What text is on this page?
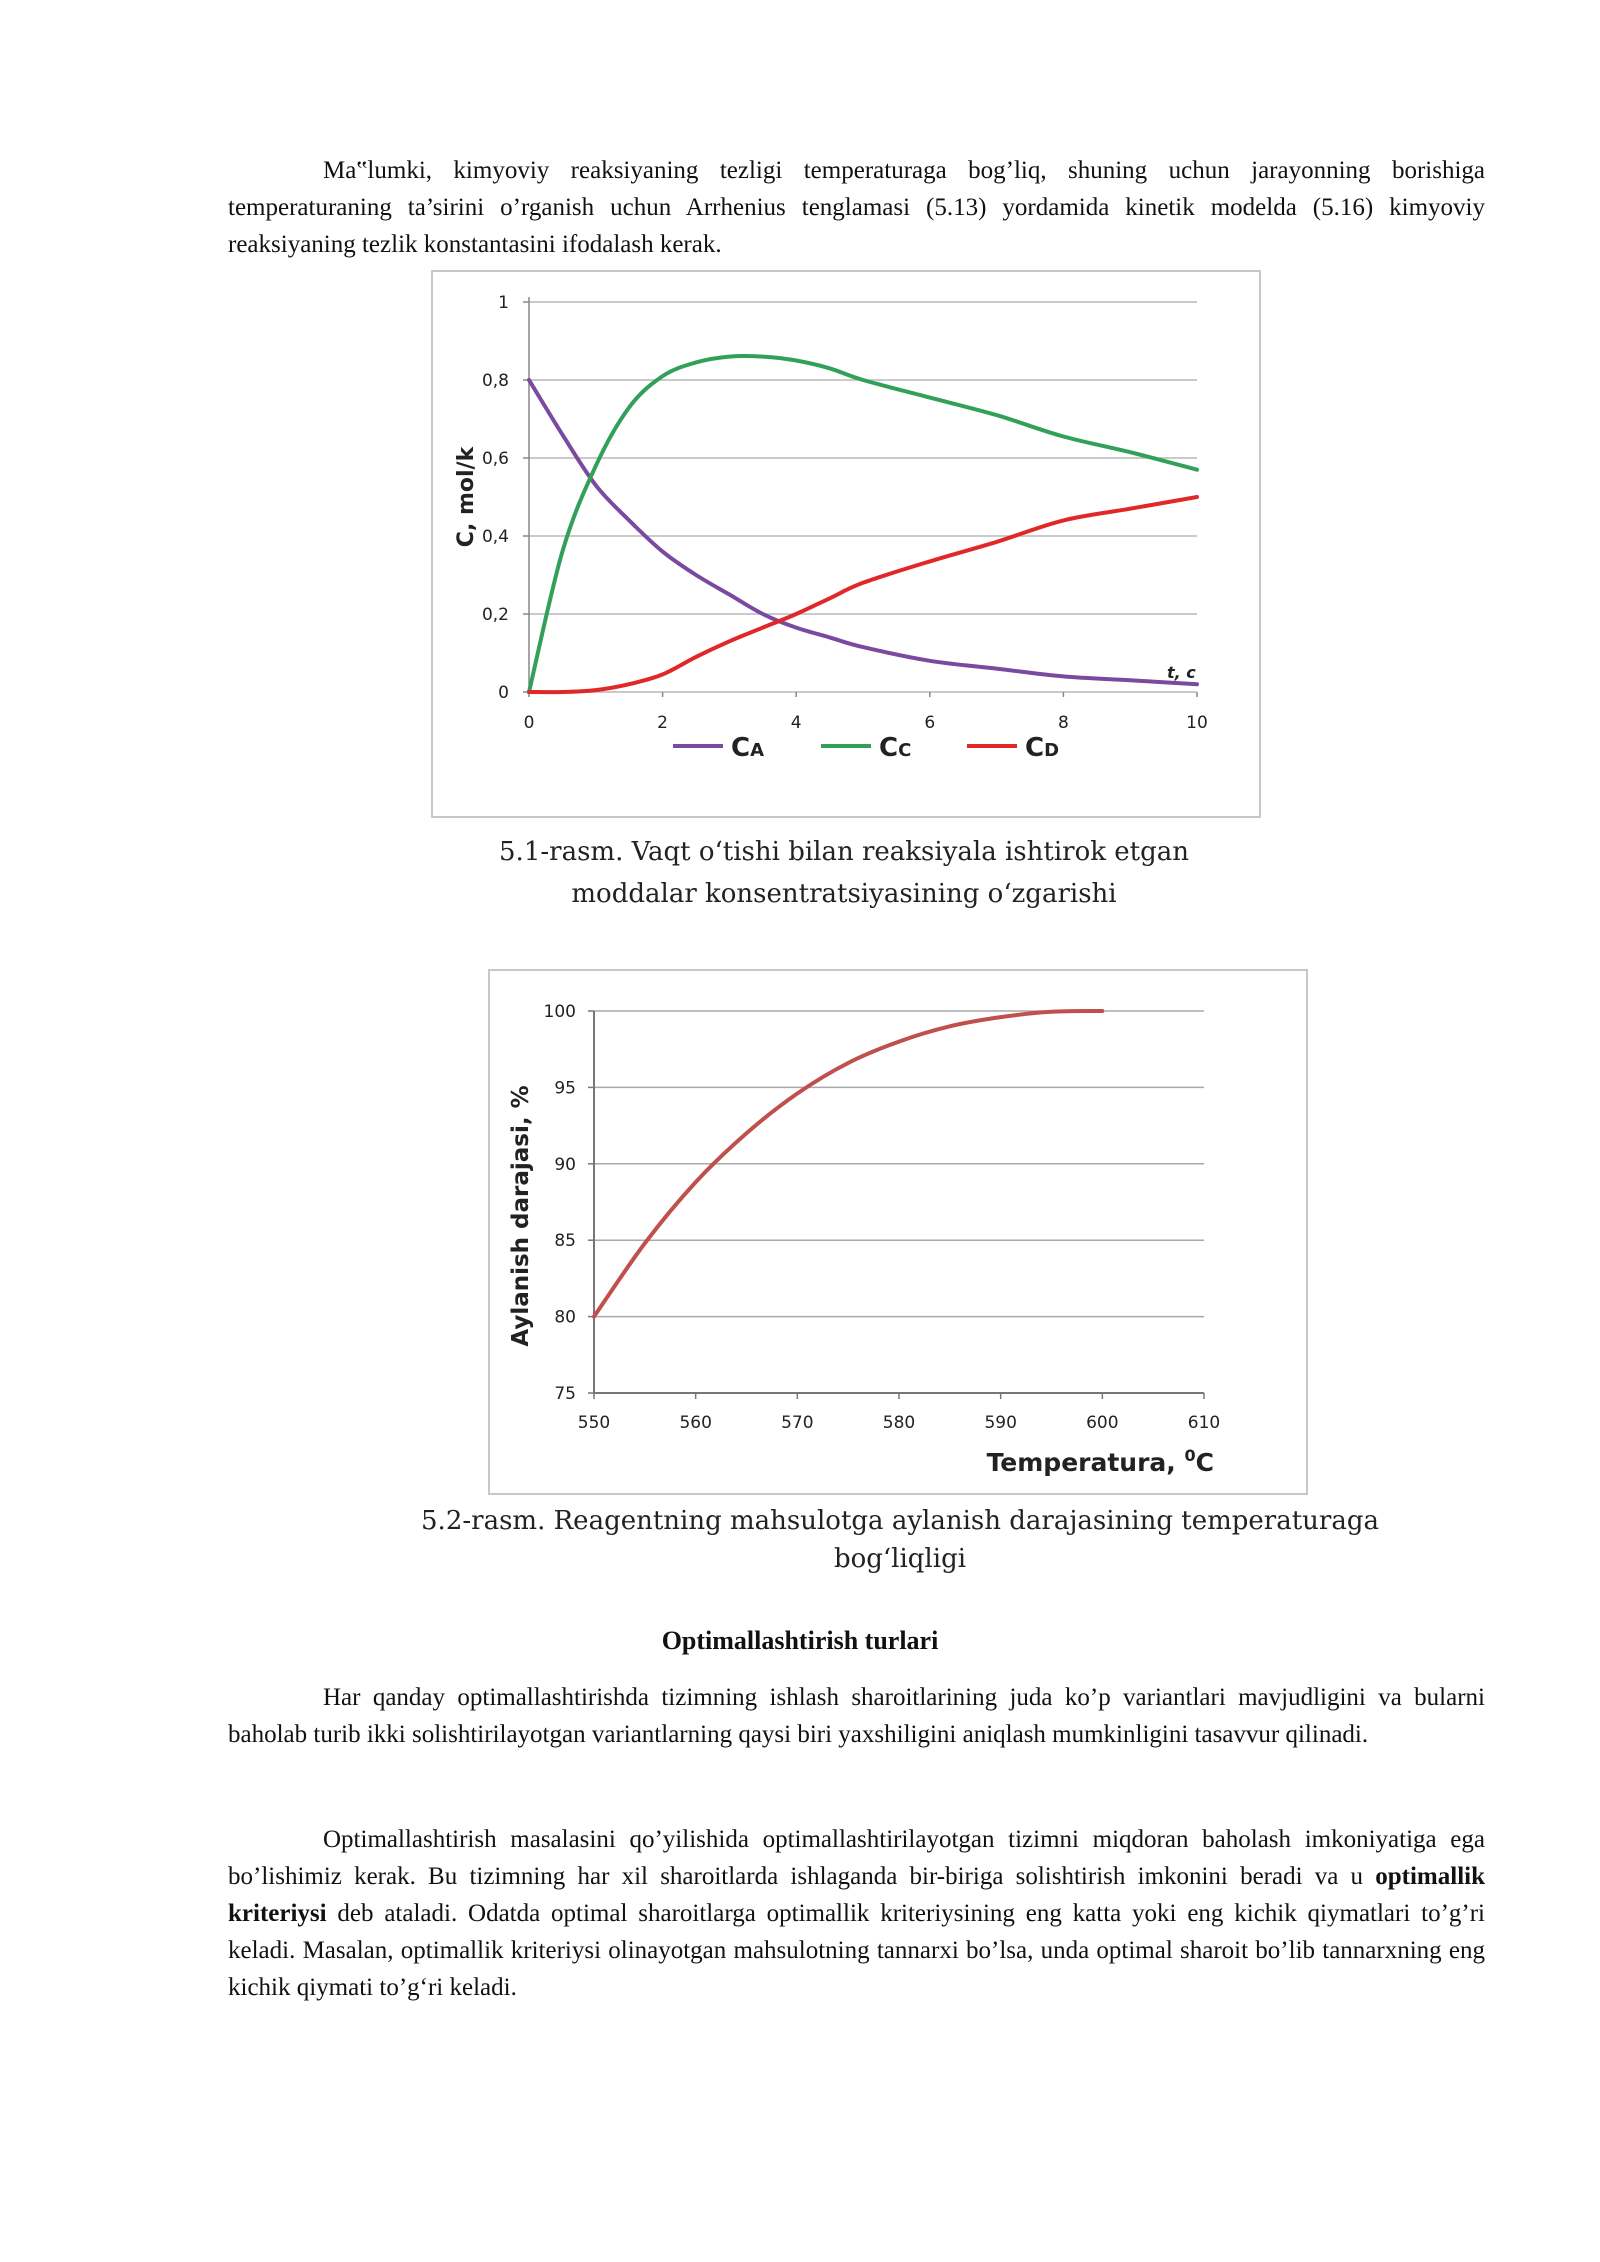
Ma‟lumki, kimyoviy reaksiyaning tezligi temperaturaga bog’liq, shuning uchun jarayonning borishiga temperaturaning ta’sirini o’rganish uchun Arrhenius tenglamasi (5.13) yordamida kinetik modelda (5.16) kimyoviy reaksiyaning tezlik konstantasini ifodalash kerak.

0
0,2
0,4
0,6
0,8
1
0	2	4	6	8	10
C, mol/k
t, c
CA	CC	CD
5.1-rasm. Vaqt o‘tishi bilan reaksiyala ishtirok etgan
moddalar konsentratsiyasining o‘zgarishi
75
80
85
90
95
100
550	560	570	580	590	600	610
Aylanish darajasi, %
Temperatura, $^0$C
5.2-rasm. Reagentning mahsulotga aylanish darajasining temperaturaga
bog‘liqligi

Optimallashtirish turlari

Har qanday optimallashtirishda tizimning ishlash sharoitlarining juda ko’p variantlari mavjudligini va bularni baholab turib ikki solishtirilayotgan variantlarning qaysi biri yaxshiligini aniqlash mumkinligini tasavvur qilinadi.

Optimallashtirish masalasini qo’yilishida optimallashtirilayotgan tizimni miqdoran baholash imkoniyatiga ega bo’lishimiz kerak. Bu tizimning har xil sharoitlarda ishlaganda bir-biriga solishtirish imkonini beradi va u optimallik kriteriysi deb ataladi. Odatda optimal sharoitlarga optimallik kriteriysining eng katta yoki eng kichik qiymatlari to’g’ri keladi. Masalan, optimallik kriteriysi olinayotgan mahsulotning tannarxi bo’lsa, unda optimal sharoit bo’lib tannarxning eng kichik qiymati to’g‘ri keladi.
